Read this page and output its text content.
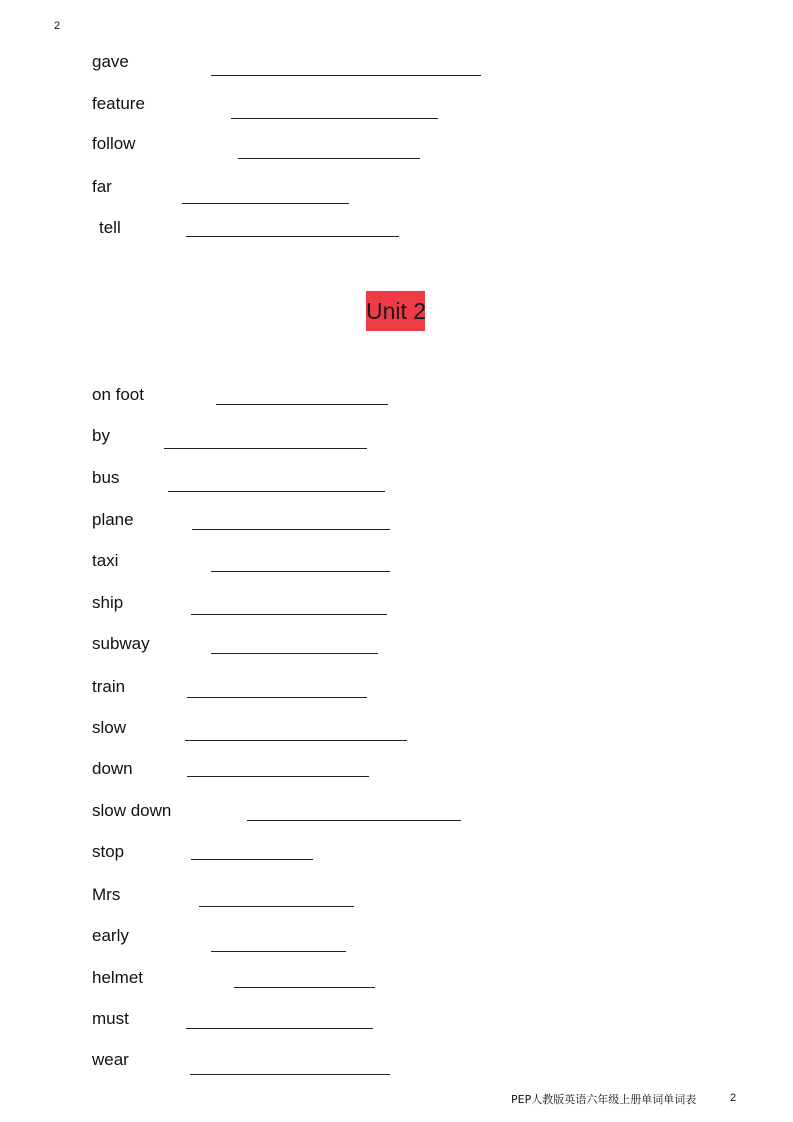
2
gave
feature
follow
far
tell
Unit 2
on foot
by
bus
plane
taxi
ship
subway
train
slow
down
slow down
stop
Mrs
early
helmet
must
wear
PEP人教版英语六年级上册单词单词表	2
